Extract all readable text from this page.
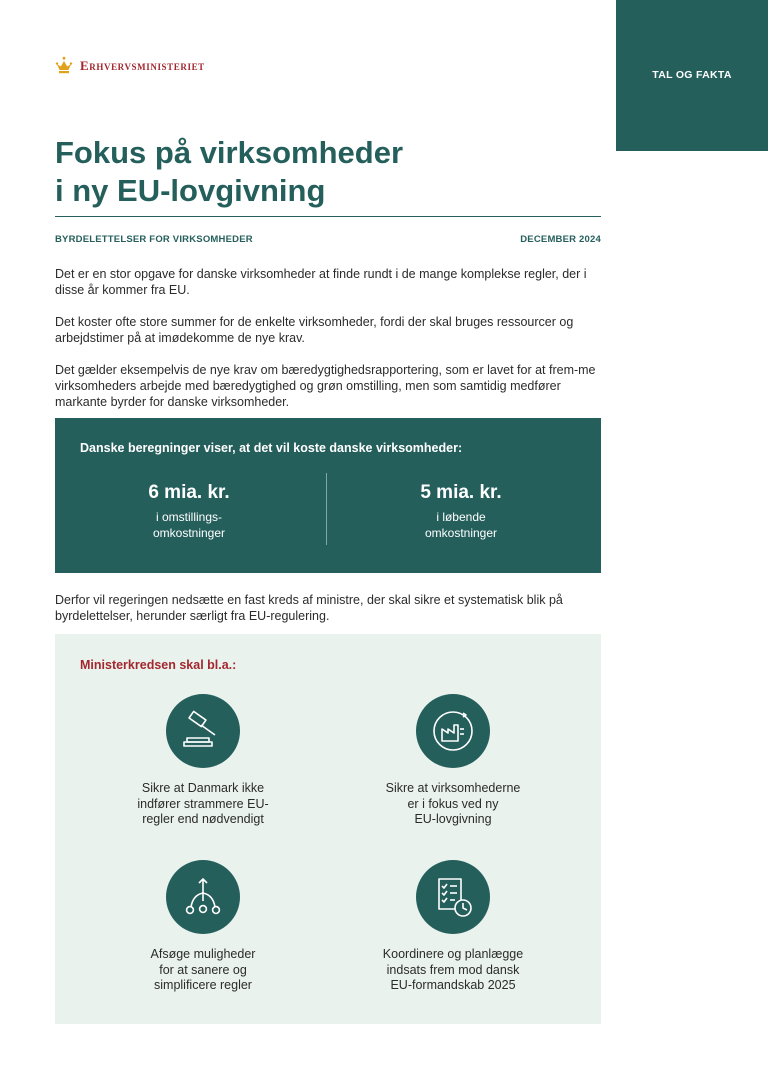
TAL OG FAKTA
Erhvervsministeriet
Fokus på virksomheder
i ny EU-lovgivning
BYRDELETTELSER FOR VIRKSOMHEDER	DECEMBER 2024

Det er en stor opgave for danske virksomheder at finde rundt i de mange komplekse regler, der i disse år kommer fra EU.

Det koster ofte store summer for de enkelte virksomheder, fordi der skal bruges ressourcer og arbejdstimer på at imødekomme de nye krav.

Det gælder eksempelvis de nye krav om bæredygtighedsrapportering, som er lavet for at frem-me virksomheders arbejde med bæredygtighed og grøn omstilling, men som samtidig medfører markante byrder for danske virksomheder.

Danske beregninger viser, at det vil koste danske virksomheder:
6 mia. kr.
i omstillings-
omkostninger
5 mia. kr.
i løbende
omkostninger

Derfor vil regeringen nedsætte en fast kreds af ministre, der skal sikre et systematisk blik på byrdelettelser, herunder særligt fra EU-regulering.

Ministerkredsen skal bl.a.:
Sikre at Danmark ikke
indfører strammere EU-
regler end nødvendigt
Sikre at virksomhederne
er i fokus ved ny
EU-lovgivning
Afsøge muligheder
for at sanere og
simplificere regler
Koordinere og planlægge
indsats frem mod dansk
EU-formandskab 2025
